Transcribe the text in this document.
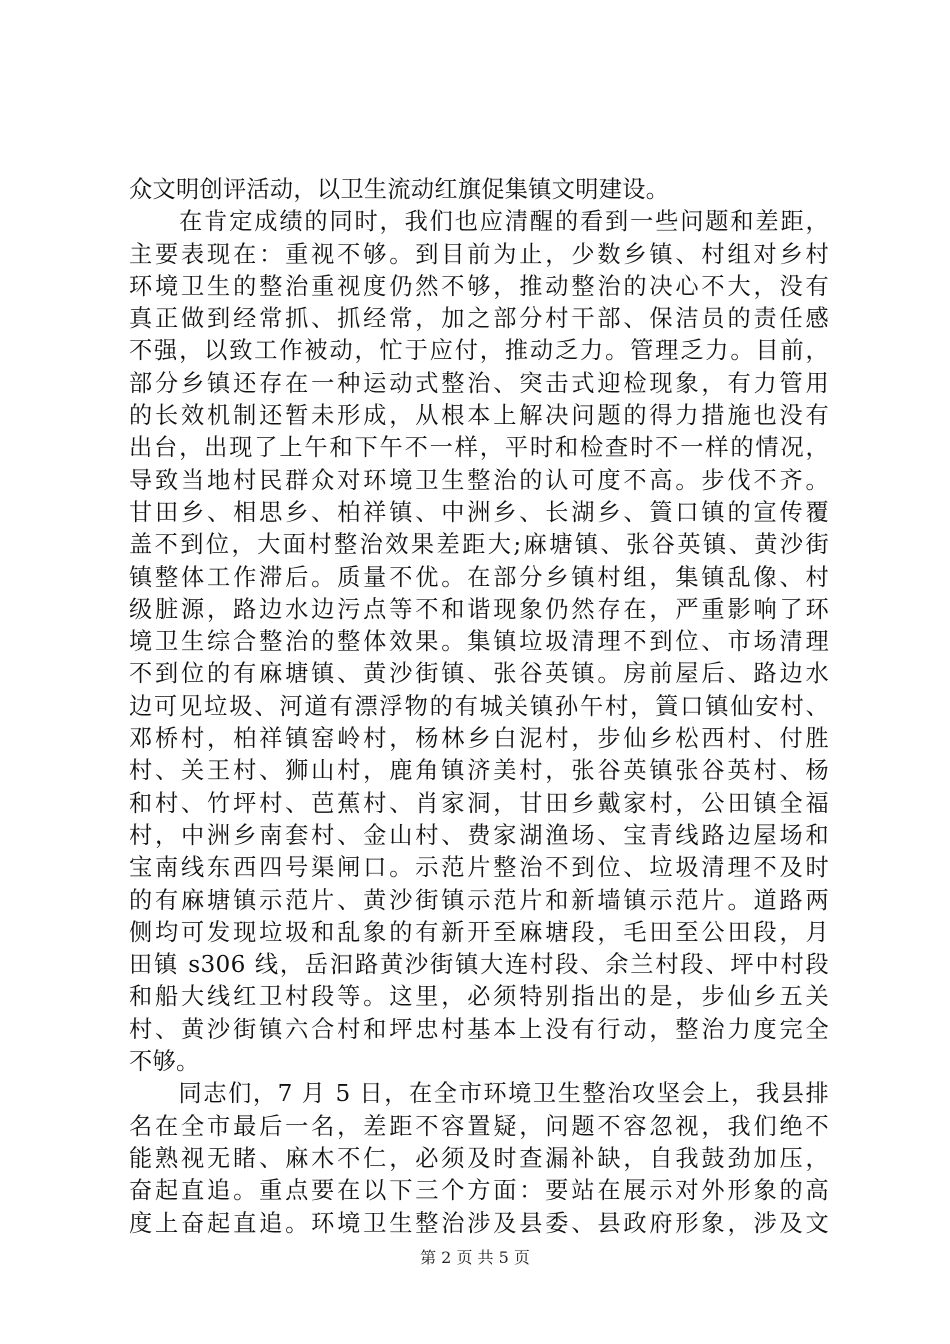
众文明创评活动，以卫生流动红旗促集镇文明建设。
　　在肯定成绩的同时，我们也应清醒的看到一些问题和差距，
主要表现在：重视不够。到目前为止，少数乡镇、村组对乡村
环境卫生的整治重视度仍然不够，推动整治的决心不大，没有
真正做到经常抓、抓经常，加之部分村干部、保洁员的责任感
不强，以致工作被动，忙于应付，推动乏力。管理乏力。目前，
部分乡镇还存在一种运动式整治、突击式迎检现象，有力管用
的长效机制还暂未形成，从根本上解决问题的得力措施也没有
出台，出现了上午和下午不一样，平时和检查时不一样的情况，
导致当地村民群众对环境卫生整治的认可度不高。步伐不齐。
甘田乡、相思乡、柏祥镇、中洲乡、长湖乡、篢口镇的宣传覆
盖不到位，大面村整治效果差距大;麻塘镇、张谷英镇、黄沙街
镇整体工作滞后。质量不优。在部分乡镇村组，集镇乱像、村
级脏源，路边水边污点等不和谐现象仍然存在，严重影响了环
境卫生综合整治的整体效果。集镇垃圾清理不到位、市场清理
不到位的有麻塘镇、黄沙街镇、张谷英镇。房前屋后、路边水
边可见垃圾、河道有漂浮物的有城关镇孙午村，篢口镇仙安村、
邓桥村，柏祥镇窑岭村，杨林乡白泥村，步仙乡松西村、付胜
村、关王村、狮山村，鹿角镇济美村，张谷英镇张谷英村、杨
和村、竹坪村、芭蕉村、肖家洞，甘田乡戴家村，公田镇全福
村，中洲乡南套村、金山村、费家湖渔场、宝青线路边屋场和
宝南线东西四号渠闸口。示范片整治不到位、垃圾清理不及时
的有麻塘镇示范片、黄沙街镇示范片和新墙镇示范片。道路两
侧均可发现垃圾和乱象的有新开至麻塘段，毛田至公田段，月
田镇 s306 线，岳汩路黄沙街镇大连村段、余兰村段、坪中村段
和船大线红卫村段等。这里，必须特别指出的是，步仙乡五关
村、黄沙街镇六合村和坪忠村基本上没有行动，整治力度完全
不够。
　　同志们，7 月 5 日，在全市环境卫生整治攻坚会上，我县排
名在全市最后一名，差距不容置疑，问题不容忽视，我们绝不
能熟视无睹、麻木不仁，必须及时查漏补缺，自我鼓劲加压，
奋起直追。重点要在以下三个方面：要站在展示对外形象的高
度上奋起直追。环境卫生整治涉及县委、县政府形象，涉及文
第 2 页 共 5 页
